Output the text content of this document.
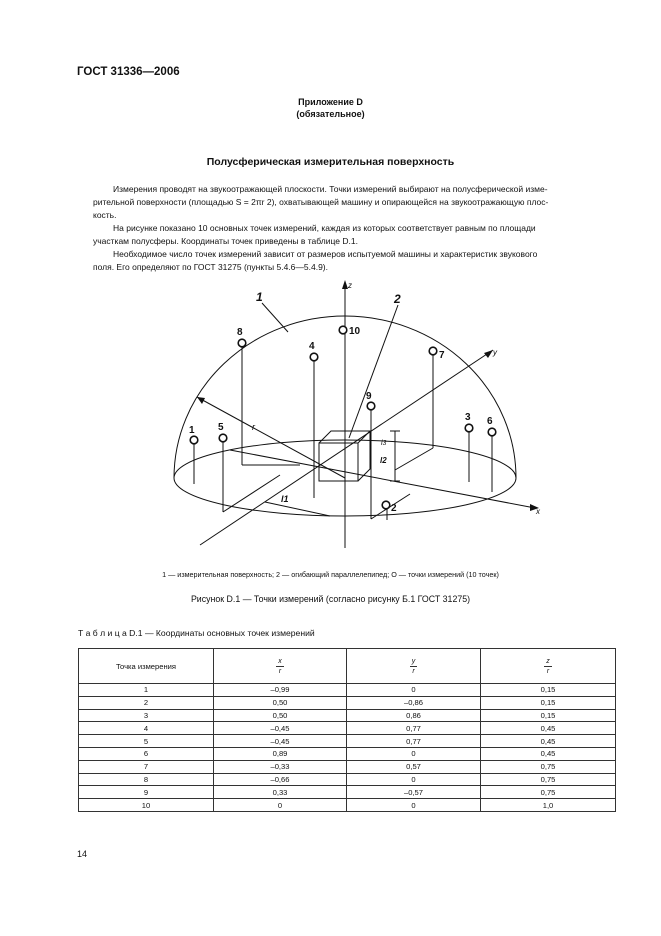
ГОСТ 31336—2006
Приложение D
(обязательное)
Полусферическая измерительная поверхность
Измерения проводят на звукоотражающей плоскости. Точки измерений выбирают на полусферической изме-
рительной поверхности (площадью S = 2πr 2), охватывающей машину и опирающейся на звукоотражающую плос-
кость.
На рисунке показано 10 основных точек измерений, каждая из которых соответствует равным по площади
участкам полусферы. Координаты точек приведены в таблице D.1.
Необходимое число точек измерений зависит от размеров испытуемой машины и характеристик звукового
поля. Его определяют по ГОСТ 31275 (пункты 5.4.6—5.4.9).
1
2
3
4
5
6
7
8
9
10
1	2
z
y
x
r
l1
l2
l3
1 — измерительная поверхность; 2 — огибающий параллелепипед; О — точки измерений (10 точек)
Рисунок D.1 — Точки измерений (согласно рисунку Б.1 ГОСТ 31275)
Т а б л и ц а D.1 — Координаты основных точек измерений
Точка измерения	$\frac{x}{r}$	$\frac{y}{r}$	$\frac{z}{r}$

1	–0,99	0	0,15
2	0,50	–0,86	0,15
3	0,50	0,86	0,15
4	–0,45	0,77	0,45
5	–0,45	0,77	0,45
6	0,89	0	0,45
7	–0,33	0,57	0,75
8	–0,66	0	0,75
9	0,33	–0,57	0,75
10	0	0	1,0
14
